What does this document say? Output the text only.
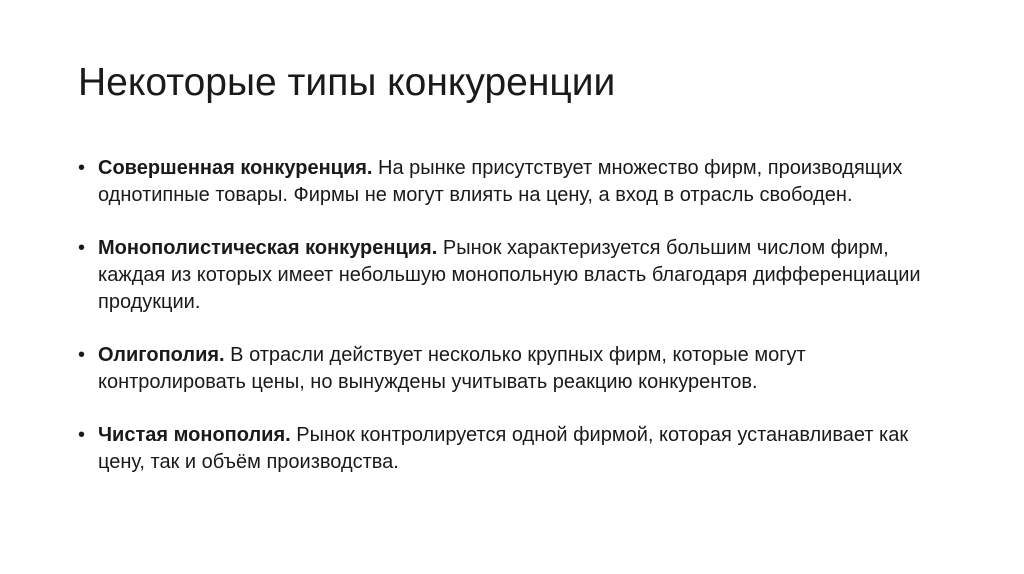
Некоторые типы конкуренции
• Совершенная конкуренция. На рынке присутствует множество фирм, производящих однотипные товары. Фирмы не могут влиять на цену, а вход в отрасль свободен.
• Монополистическая конкуренция. Рынок характеризуется большим числом фирм, каждая из которых имеет небольшую монопольную власть благодаря дифференциации продукции.
• Олигополия. В отрасли действует несколько крупных фирм, которые могут контролировать цены, но вынуждены учитывать реакцию конкурентов.
• Чистая монополия. Рынок контролируется одной фирмой, которая устанавливает как цену, так и объём производства.
